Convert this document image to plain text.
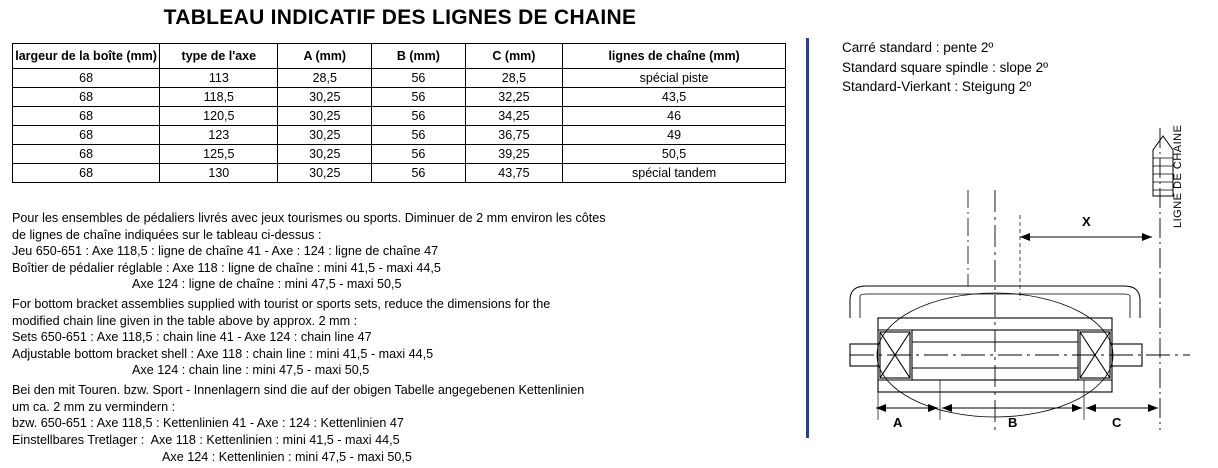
TABLEAU INDICATIF DES LIGNES DE CHAINE
largeur de la boîte (mm)	type de l'axe	A (mm)	B (mm)	C (mm)	lignes de chaîne (mm)
68	113	28,5	56	28,5	spécial piste
68	118,5	30,25	56	32,25	43,5
68	120,5	30,25	56	34,25	46
68	123	30,25	56	36,75	49
68	125,5	30,25	56	39,25	50,5
68	130	30,25	56	43,75	spécial tandem

Pour les ensembles de pédaliers livrés avec jeux tourismes ou sports. Diminuer de 2 mm environ les côtes

de lignes de chaîne indiquées sur le tableau ci-dessus :

Jeu 650-651 : Axe 118,5 : ligne de chaîne 41 - Axe : 124 : ligne de chaîne 47

Boîtier de pédalier réglable : Axe 118 : ligne de chaîne : mini 41,5 - maxi 44,5

Axe 124 : ligne de chaîne : mini 47,5 - maxi 50,5

For bottom bracket assemblies supplied with tourist or sports sets, reduce the dimensions for the

modified chain line given in the table above by approx. 2 mm :

Sets 650-651 : Axe 118,5 : chain line 41 - Axe 124 : chain line 47

Adjustable bottom bracket shell : Axe 118 : chain line : mini 41,5 - maxi 44,5

Axe 124 : chain line : mini 47,5 - maxi 50,5

Bei den mit Touren. bzw. Sport - Innenlagern sind die auf der obigen Tabelle angegebenen Kettenlinien

um ca. 2 mm zu vermindern :

bzw. 650-651 : Axe 118,5 : Kettenlinien 41 - Axe : 124 : Kettenlinien 47

Einstellbares Tretlager :  Axe 118 : Kettenlinien : mini 41,5 - maxi 44,5

Axe 124 : Kettenlinien : mini 47,5 - maxi 50,5

Carré standard : pente 2º
Standard square spindle : slope 2º
Standard-Vierkant : Steigung 2º
LIGNE DE CHAINE
X
A	B	C
